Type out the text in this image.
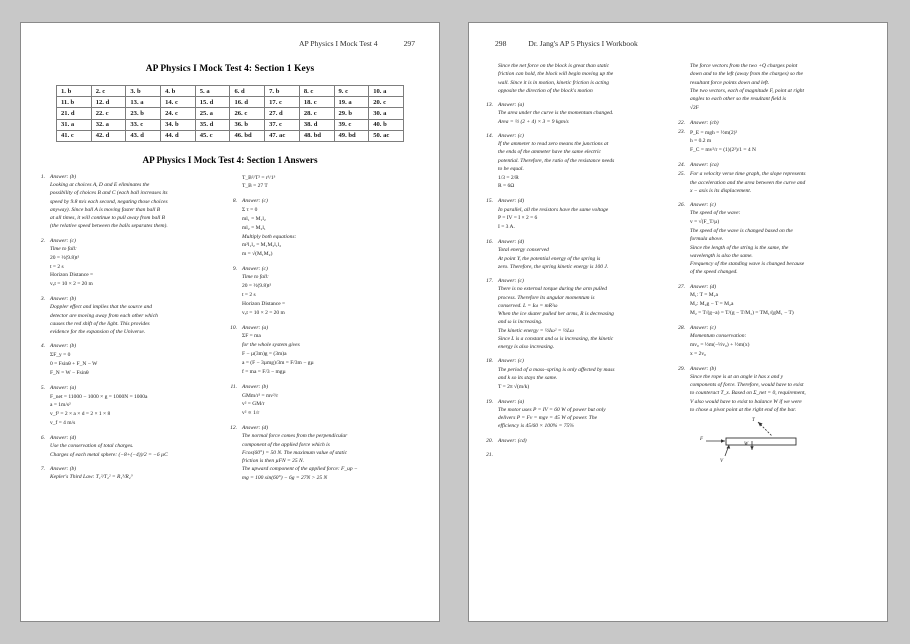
AP Physics I Mock Test 4	297
AP Physics I Mock Test 4: Section 1 Keys
1. b	2. c	3. b	4. b	5. a	6. d	7. b	8. c	9. c	10. a
11. b	12. d	13. a	14. c	15. d	16. d	17. c	18. c	19. a	20. c
21. d	22. c	23. b	24. c	25. a	26. c	27. d	28. c	29. b	30. a
31. a	32. a	33. c	34. b	35. d	36. b	37. c	38. d	39. c	40. b
41. c	42. d	43. d	44. d	45. c	46. bd	47. ac	48. bd	49. bd	50. ac
AP Physics I Mock Test 4: Section 1 Answers
1. Answer: (b)
Looking at choices A, D and E eliminates the
possibility of choices B and C (each ball increases its
speed by 9.8 m/s each second, negating those choices
anyway). Since ball A is moving faster than ball B
at all times, it will continue to pull away from ball B
(the relative speed between the balls separates them).
2. Answer: (c)
Time to fall:
20 = ½(9.8)t²
t = 2 s
Horizon Distance =
vₓt = 10 × 2 = 20 m
3. Answer: (b)
Doppler effect and implies that the source and
detector are moving away from each other which
causes the red shift of the light. This provides
evidence for the expansion of the Universe.
4. Answer: (b)
ΣF_y = 0
0 = Fsinθ + F_N − W
F_N = W − Fsinθ
5. Answer: (a)
F_net = 11000 − 1000 × g = 1000N = 1000a
a = 1m/s²
v_f² = 2 × a × d = 2 × 1 × 8
v_f = 4 m/s
6. Answer: (d)
Use the conservation of total charges.
Charges of each metal sphere: (−8+(−4))/2 = −6 µC
7. Answer: (b)
Kepler's Third Law: T₁²/T₂² = R₁³/R₂³
T_B²/T² = r³/1³
T_B = 27 T
8. Answer: (c)
Σ τ = 0
ml₁ = M₁l₂
ml₂ = M₂l₁
Multiply both equations:
m²l₁l₂ = M₁M₂l₁l₂
m = √(M₁M₂)
9. Answer: (c)
Time to fall:
20 = ½(9.8)t²
t = 2 s
Horizon Distance =
vₓt = 10 × 2 = 20 m
10. Answer: (a)
ΣF = ma
for the whole system gives
F − µ(3m)g = (3m)a
a = (F − 3µmg)/3m = F/3m − gµ
f = ma = F/3 − mgµ
11. Answer: (b)
GMm/r² = mv²/r
v² = GM/r
v² ∝ 1/r
12. Answer: (d)
The normal force comes from the perpendicular
component of the applied force which is
Fcos(60°) = 50 N. The maximum value of static
friction is then µFN = 25 N.
The upward component of the applied force: F_up −
mg = 100 sin(60°) − 6g = 27N > 25 N
298	Dr. Jang's AP 5 Physics I Workbook
Since the net force on the block is great than static
friction can hold, the block will begin moving up the
wall. Since it is in motion, kinetic friction is acting
opposite the direction of the block's motion
13. Answer: (a)
The area under the curve is the momentum changed.
Area = ½ (2 + 4) × 3 = 9 kgm/s
14. Answer: (c)
If the ammeter to read zero means the junctions at
the ends of the ammeter have the same electric
potential. Therefore, the ratio of the resistance needs
to be equal.
1/3 = 2/R
R = 6Ω
15. Answer: (d)
In parallel, all the resistors have the same voltage
P = IV = I × 2 = 6
I = 3 A.
16. Answer: (d)
Total energy conserved
At point Y, the potential energy of the spring is
zero. Therefore, the spring kinetic energy is 100 J.
17. Answer: (c)
There is no external torque during the arm pulled
process. Therefore its angular momentum is
conserved. L = Iω = mR²ω
When the ice skater pulled her arms, R is decreasing
and ω is increasing.
The kinetic energy = ½Iω² = ½Lω
Since L is a constant and ω is increasing, the kinetic
energy is also increasing.
18. Answer: (c)
The period of a mass–spring is only affected by mass
and k so its stays the same.
T = 2π √(m/k)
19. Answer: (a)
The motor uses P = IV = 60 W of power but only
delivers P = Fv = mgv = 45 W of power. The
efficiency is 45/60 × 100% = 75%
20. Answer: (cd)
21.
The force vectors from the two +Q charges point
down and to the left (away from the charges) so the
resultant force points down and left.
The two vectors, each of magnitude F, point at right
angles to each other so the resultant field is
√2F
22. Answer: (cb)
23. P_E = mgh = ½m(2)²
h = 0.2 m
F_C = mv²/r = (1)(2²)/1 = 4 N
24. Answer: (ca)
25. For a velocity verse time graph, the slope represents
the acceleration and the area between the curve and
x − axis is its displacement.
26. Answer: (c)
The speed of the wave:
v = √(F_T/µ)
The speed of the wave is changed based on the
formula above.
Since the length of the string is the same, the
wavelength is also the same.
Frequency of the standing wave is changed because
of the speed changed.
27. Answer: (d)
M₁: T = M₁a
M₂: M₂g − T = M₂a
M₂ = T/(g−a) = T/(g − T/M₁) = TM₁/(gM₁ − T)
28. Answer: (c)
Momentum conservation:
mv₀ = ½m(−½v₀) + ½m(x)
x = 2v₀
29. Answer: (b)
Since the rope is at an angle it has x and y
components of force. Therefore, would have to exist
to counteract T_x. Based on Σ_net = 0, requirement,
V also would have to exist to balance W if we were
to chose a pivot point at the right end of the bar.
F
T
V
W
